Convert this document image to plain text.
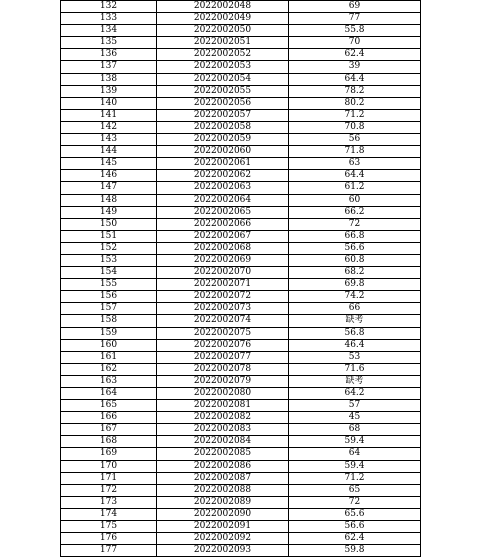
132	2022002048	69
133	2022002049	77
134	2022002050	55.8
135	2022002051	70
136	2022002052	62.4
137	2022002053	39
138	2022002054	64.4
139	2022002055	78.2
140	2022002056	80.2
141	2022002057	71.2
142	2022002058	70.8
143	2022002059	56
144	2022002060	71.8
145	2022002061	63
146	2022002062	64.4
147	2022002063	61.2
148	2022002064	60
149	2022002065	66.2
150	2022002066	72
151	2022002067	66.8
152	2022002068	56.6
153	2022002069	60.8
154	2022002070	68.2
155	2022002071	69.8
156	2022002072	74.2
157	2022002073	66
158	2022002074	缺考
159	2022002075	56.8
160	2022002076	46.4
161	2022002077	53
162	2022002078	71.6
163	2022002079	缺考
164	2022002080	64.2
165	2022002081	57
166	2022002082	45
167	2022002083	68
168	2022002084	59.4
169	2022002085	64
170	2022002086	59.4
171	2022002087	71.2
172	2022002088	65
173	2022002089	72
174	2022002090	65.6
175	2022002091	56.6
176	2022002092	62.4
177	2022002093	59.8
